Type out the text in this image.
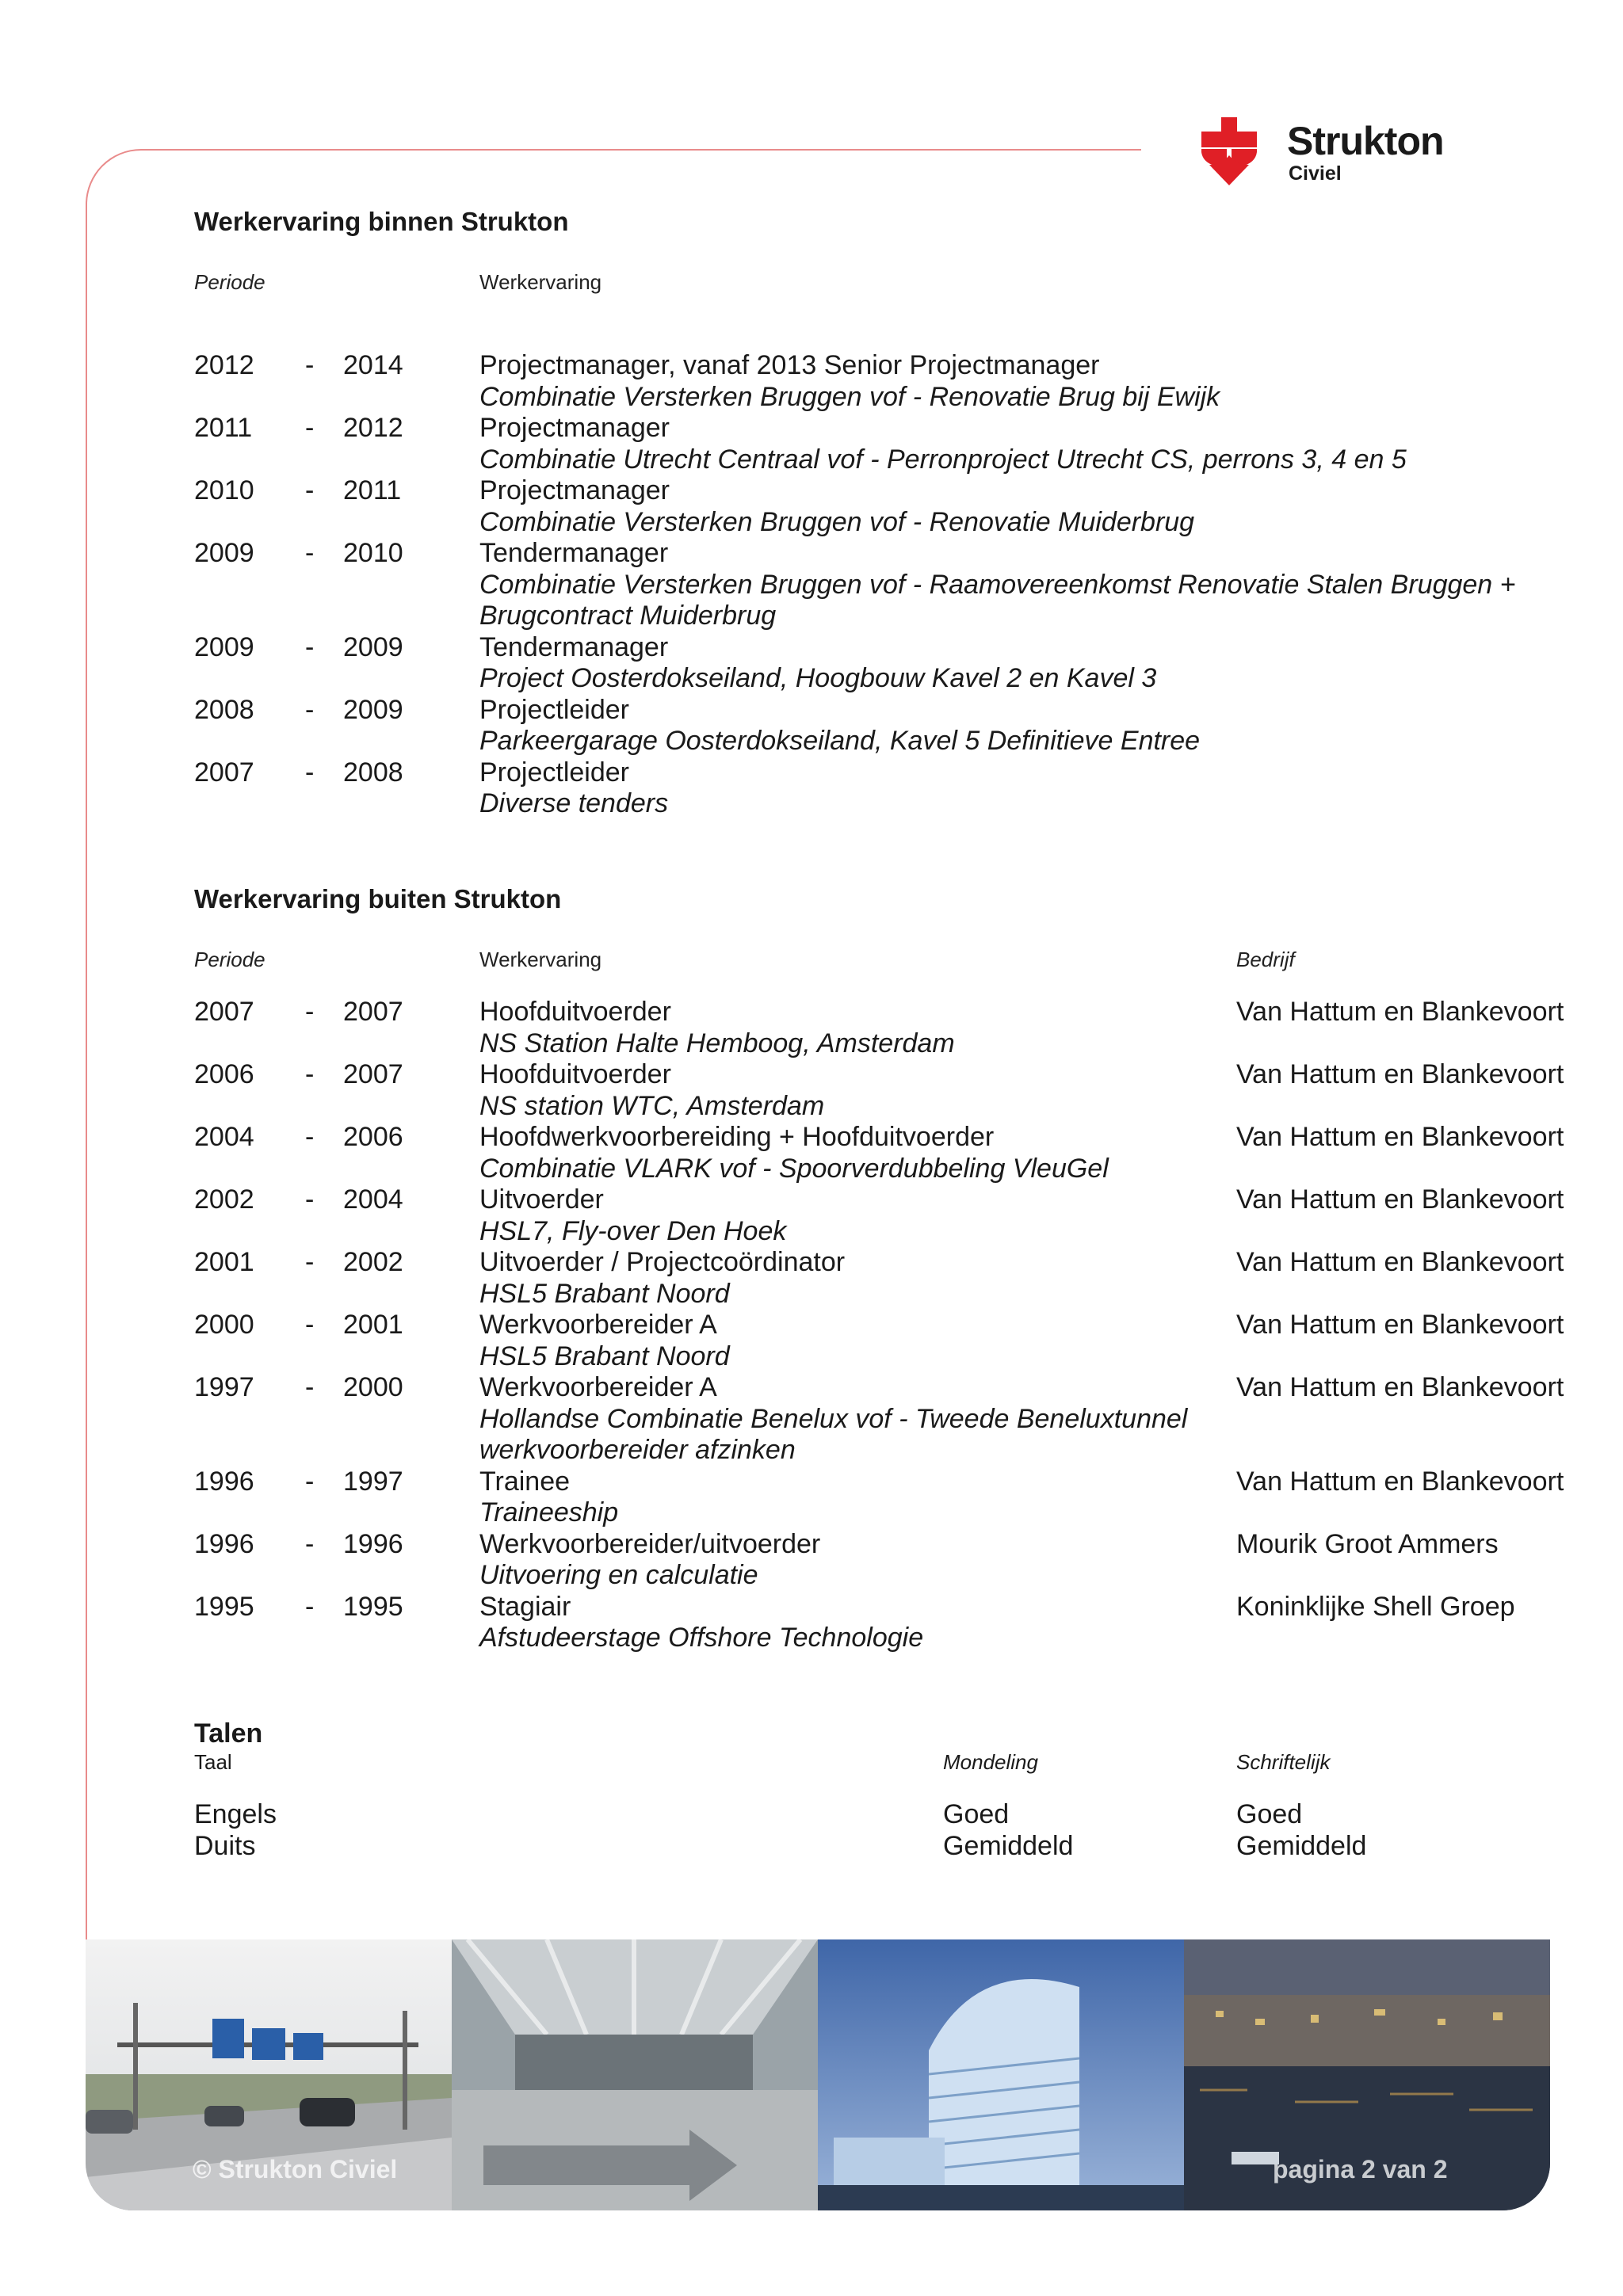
Strukton
Civiel
Werkervaring binnen Strukton
Periode	Werkervaring
2012 - 2014	Projectmanager, vanaf 2013 Senior Projectmanager
Combinatie Versterken Bruggen vof - Renovatie Brug bij Ewijk
2011 - 2012	Projectmanager
Combinatie Utrecht Centraal vof - Perronproject Utrecht CS, perrons 3, 4 en 5
2010 - 2011	Projectmanager
Combinatie Versterken Bruggen vof - Renovatie Muiderbrug
2009 - 2010	Tendermanager
Combinatie Versterken Bruggen vof - Raamovereenkomst Renovatie Stalen Bruggen +
Brugcontract Muiderbrug
2009 - 2009	Tendermanager
Project Oosterdokseiland, Hoogbouw Kavel 2 en Kavel 3
2008 - 2009	Projectleider
Parkeergarage Oosterdokseiland, Kavel 5 Definitieve Entree
2007 - 2008	Projectleider
Diverse tenders
Werkervaring buiten Strukton
Periode	Werkervaring	Bedrijf
2007 - 2007	Hoofduitvoerder	Van Hattum en Blankevoort
NS Station Halte Hemboog, Amsterdam
2006 - 2007	Hoofduitvoerder	Van Hattum en Blankevoort
NS station WTC, Amsterdam
2004 - 2006	Hoofdwerkvoorbereiding + Hoofduitvoerder	Van Hattum en Blankevoort
Combinatie VLARK vof - Spoorverdubbeling VleuGel
2002 - 2004	Uitvoerder	Van Hattum en Blankevoort
HSL7, Fly-over Den Hoek
2001 - 2002	Uitvoerder / Projectcoördinator	Van Hattum en Blankevoort
HSL5 Brabant Noord
2000 - 2001	Werkvoorbereider A	Van Hattum en Blankevoort
HSL5 Brabant Noord
1997 - 2000	Werkvoorbereider A	Van Hattum en Blankevoort
Hollandse Combinatie Benelux vof - Tweede Beneluxtunnel
werkvoorbereider afzinken
1996 - 1997	Trainee	Van Hattum en Blankevoort
Traineeship
1996 - 1996	Werkvoorbereider/uitvoerder	Mourik Groot Ammers
Uitvoering en calculatie
1995 - 1995	Stagiair	Koninklijke Shell Groep
Afstudeerstage Offshore Technologie
Talen
Taal	Mondeling	Schriftelijk
Engels	Goed	Goed
Duits	Gemiddeld	Gemiddeld
© Strukton Civiel	pagina 2 van 2
